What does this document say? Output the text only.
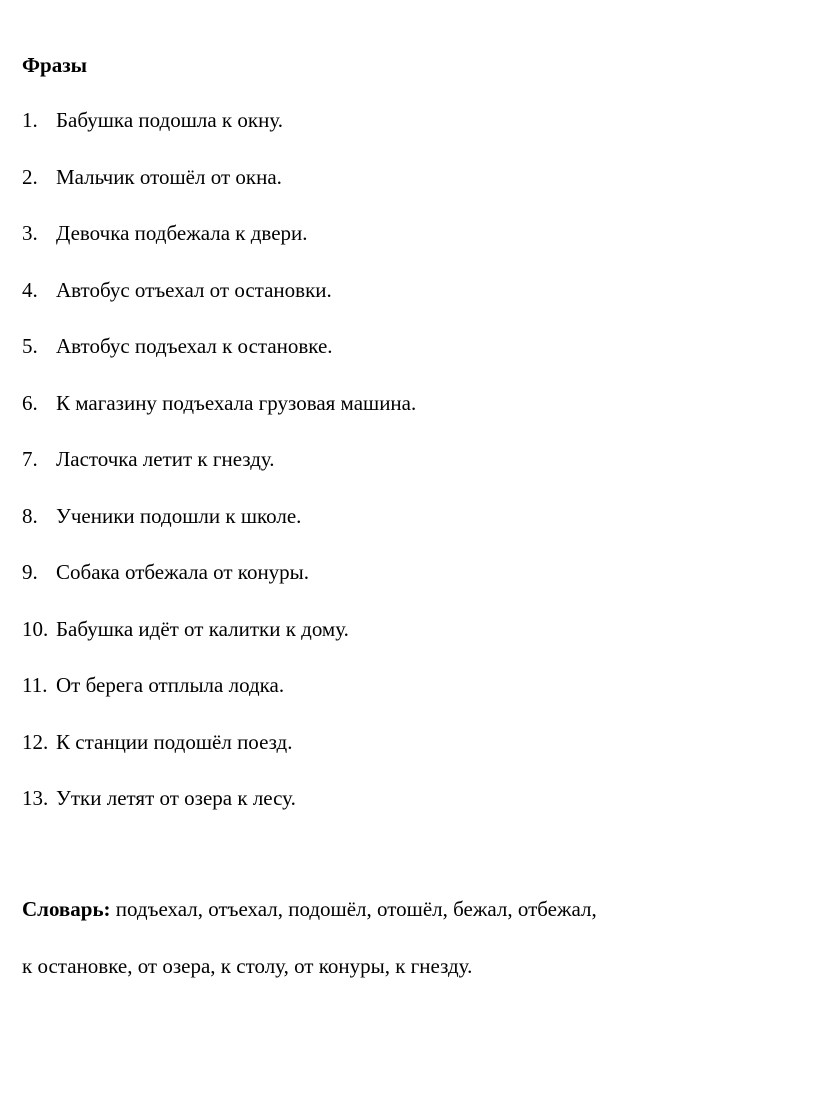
Фразы
1. Бабушка подошла к окну.
2. Мальчик отошёл от окна.
3. Девочка подбежала к двери.
4. Автобус отъехал от остановки.
5. Автобус подъехал к остановке.
6. К магазину подъехала грузовая машина.
7. Ласточка летит к гнезду.
8. Ученики подошли к школе.
9. Собака отбежала от конуры.
10. Бабушка идёт от калитки к дому.
11. От берега отплыла лодка.
12. К станции подошёл поезд.
13. Утки летят от озера к лесу.
Словарь: подъехал, отъехал, подошёл, отошёл, бежал, отбежал,
к остановке, от озера, к столу, от конуры, к гнезду.
